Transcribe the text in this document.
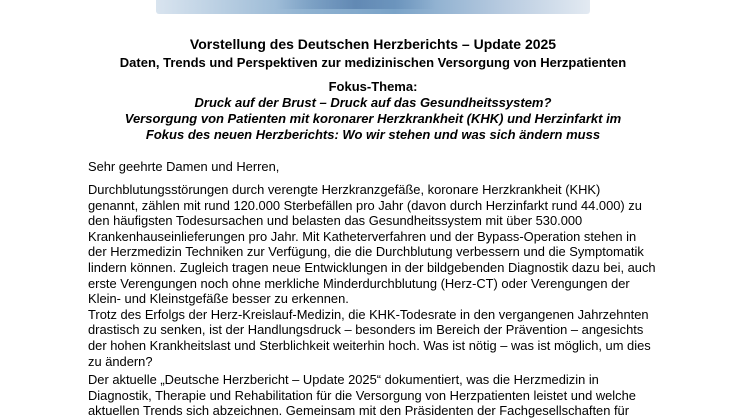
Vorstellung des Deutschen Herzberichts – Update 2025
Daten, Trends und Perspektiven zur medizinischen Versorgung von Herzpatienten
Fokus-Thema:
Druck auf der Brust – Druck auf das Gesundheitssystem?
Versorgung von Patienten mit koronarer Herzkrankheit (KHK) und Herzinfarkt im
Fokus des neuen Herzberichts: Wo wir stehen und was sich ändern muss
Sehr geehrte Damen und Herren,
Durchblutungsstörungen durch verengte Herzkranzgefäße, koronare Herzkrankheit (KHK)
genannt, zählen mit rund 120.000 Sterbefällen pro Jahr (davon durch Herzinfarkt rund 44.000) zu
den häufigsten Todesursachen und belasten das Gesundheitssystem mit über 530.000
Krankenhauseinlieferungen pro Jahr. Mit Katheterverfahren und der Bypass-Operation stehen in
der Herzmedizin Techniken zur Verfügung, die die Durchblutung verbessern und die Symptomatik
lindern können. Zugleich tragen neue Entwicklungen in der bildgebenden Diagnostik dazu bei, auch
erste Verengungen noch ohne merkliche Minderdurchblutung (Herz-CT) oder Verengungen der
Klein- und Kleinstgefäße besser zu erkennen.
Trotz des Erfolgs der Herz-Kreislauf-Medizin, die KHK-Todesrate in den vergangenen Jahrzehnten
drastisch zu senken, ist der Handlungsdruck – besonders im Bereich der Prävention – angesichts
der hohen Krankheitslast und Sterblichkeit weiterhin hoch. Was ist nötig – was ist möglich, um dies
zu ändern?
Der aktuelle „Deutsche Herzbericht – Update 2025“ dokumentiert, was die Herzmedizin in
Diagnostik, Therapie und Rehabilitation für die Versorgung von Herzpatienten leistet und welche
aktuellen Trends sich abzeichnen. Gemeinsam mit den Präsidenten der Fachgesellschaften für
